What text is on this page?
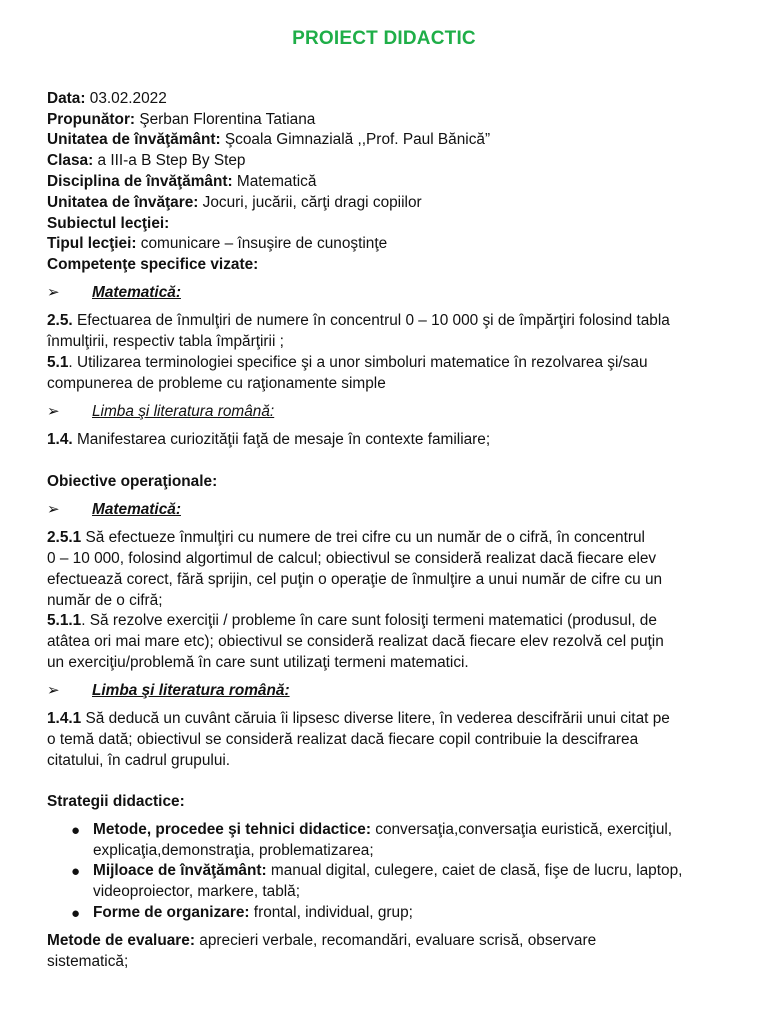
PROIECT DIDACTIC
Data: 03.02.2022
Propunător: Şerban Florentina Tatiana
Unitatea de învăţământ: Şcoala Gimnazială ,,Prof. Paul Bănică”
Clasa: a III-a B Step By Step
Disciplina de învăţământ: Matematică
Unitatea de învăţare: Jocuri, jucării, cărţi dragi copiilor
Subiectul lecţiei:
Tipul lecţiei: comunicare – însuşire de cunoştinţe
Competenţe specifice vizate:
➢ Matematică:
2.5. Efectuarea de înmulţiri de numere în concentrul 0 – 10 000 şi de împărţiri folosind tabla
înmulţirii, respectiv tabla împărţirii ;
5.1. Utilizarea terminologiei specifice şi a unor simboluri matematice în rezolvarea şi/sau
compunerea de probleme cu raţionamente simple
➢ Limba şi literatura română:
1.4. Manifestarea curiozităţii faţă de mesaje în contexte familiare;
Obiective operaţionale:
➢ Matematică:
2.5.1 Să efectueze înmulţiri cu numere de trei cifre cu un număr de o cifră, în concentrul
0 – 10 000, folosind algortimul de calcul; obiectivul se consideră realizat dacă fiecare elev
efectuează corect, fără sprijin, cel puţin o operaţie de înmulţire a unui număr de cifre cu un
număr de o cifră;
5.1.1. Să rezolve exerciţii / probleme în care sunt folosiţi termeni matematici (produsul, de
atâtea ori mai mare etc); obiectivul se consideră realizat dacă fiecare elev rezolvă cel puţin
un exerciţiu/problemă în care sunt utilizaţi termeni matematici.
➢ Limba şi literatura română:
1.4.1 Să deducă un cuvânt căruia îi lipsesc diverse litere, în vederea descifrării unui citat pe
o temă dată; obiectivul se consideră realizat dacă fiecare copil contribuie la descifrarea
citatului, în cadrul grupului.
Strategii didactice:
● Metode, procedee şi tehnici didactice: conversaţia,conversaţia euristică, exerciţiul,
explicaţia,demonstraţia, problematizarea;
● Mijloace de învăţământ: manual digital, culegere, caiet de clasă, fişe de lucru, laptop,
videoproiector, markere, tablă;
● Forme de organizare: frontal, individual, grup;
Metode de evaluare: aprecieri verbale, recomandări, evaluare scrisă, observare
sistematică;
